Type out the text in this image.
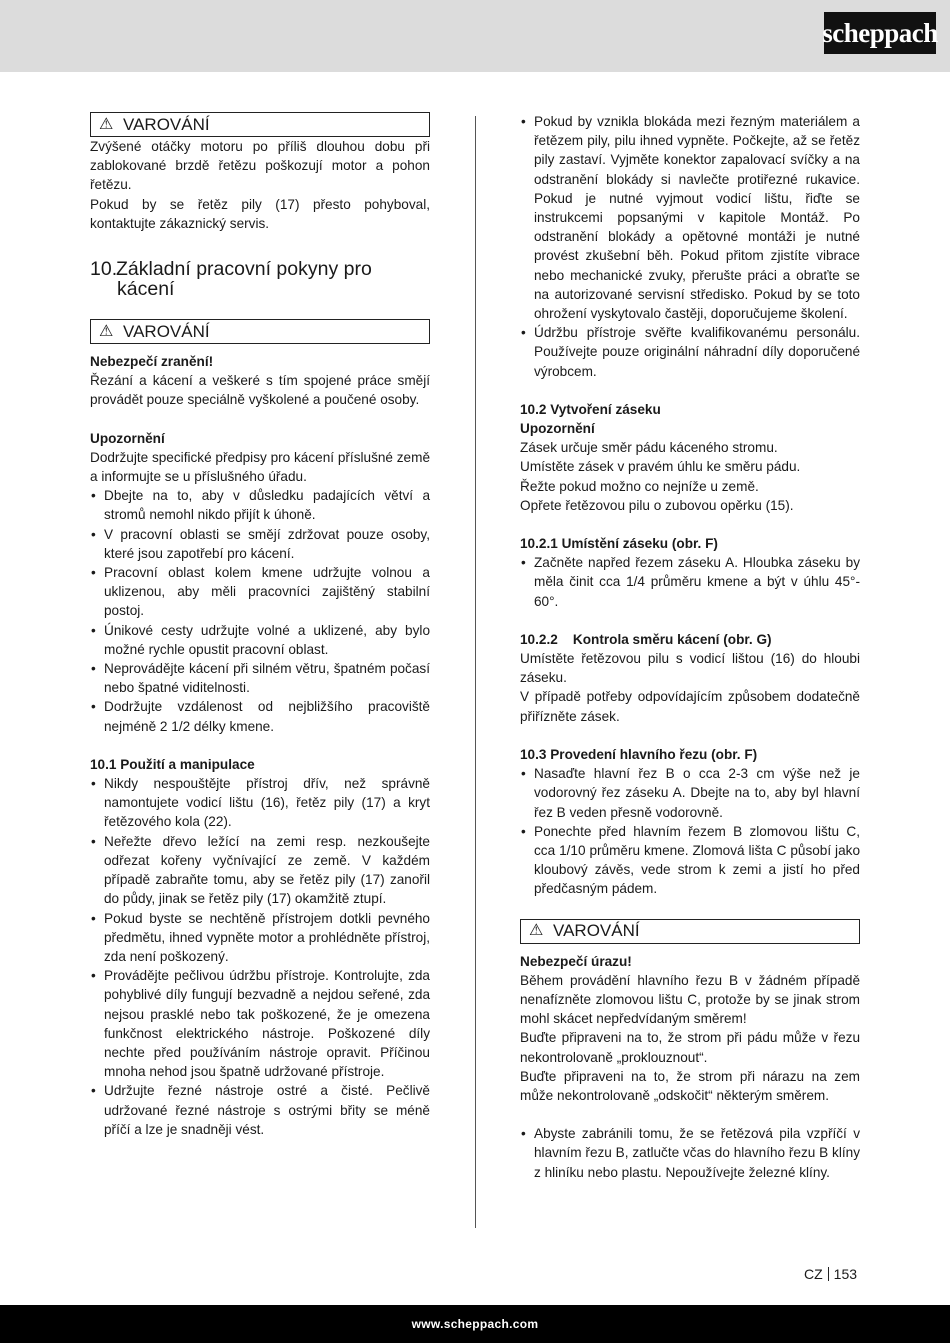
scheppach
⚠ VAROVÁNÍ

Zvýšené otáčky motoru po příliš dlouhou dobu při zablokované brzdě řetězu poškozují motor a pohon řetězu.

Pokud by se řetěz pily (17) přesto pohyboval, kontaktujte zákaznický servis.

10.Základní pracovní pokyny pro
kácení
⚠ VAROVÁNÍ

Nebezpečí zranění!

Řezání a kácení a veškeré s tím spojené práce smějí provádět pouze speciálně vyškolené a poučené osoby.

Upozornění

Dodržujte specifické předpisy pro kácení příslušné země a informujte se u příslušného úřadu.

• Dbejte na to, aby v důsledku padajících větví a stromů nemohl nikdo přijít k úhoně.
• V pracovní oblasti se smějí zdržovat pouze osoby, které jsou zapotřebí pro kácení.
• Pracovní oblast kolem kmene udržujte volnou a uklizenou, aby měli pracovníci zajištěný stabilní postoj.
• Únikové cesty udržujte volné a uklizené, aby bylo možné rychle opustit pracovní oblast.
• Neprovádějte kácení při silném větru, špatném počasí nebo špatné viditelnosti.
• Dodržujte vzdálenost od nejbližšího pracoviště nejméně 2 1/2 délky kmene.

10.1 Použití a manipulace

• Nikdy nespouštějte přístroj dřív, než správně namontujete vodicí lištu (16), řetěz pily (17) a kryt řetězového kola (22).
• Neřežte dřevo ležící na zemi resp. nezkoušejte odřezat kořeny vyčnívající ze země. V každém případě zabraňte tomu, aby se řetěz pily (17) zanořil do půdy, jinak se řetěz pily (17) okamžitě ztupí.
• Pokud byste se nechtěně přístrojem dotkli pevného předmětu, ihned vypněte motor a prohlédněte přístroj, zda není poškozený.
• Provádějte pečlivou údržbu přístroje. Kontrolujte, zda pohyblivé díly fungují bezvadně a nejdou seřené, zda nejsou prasklé nebo tak poškozené, že je omezena funkčnost elektrického nástroje. Poškozené díly nechte před používáním nástroje opravit. Příčinou mnoha nehod jsou špatně udržované přístroje.
• Udržujte řezné nástroje ostré a čisté. Pečlivě udržované řezné nástroje s ostrými břity se méně příčí a lze je snadněji vést.
• Pokud by vznikla blokáda mezi řezným materiálem a řetězem pily, pilu ihned vypněte. Počkejte, až se řetěz pily zastaví. Vyjměte konektor zapalovací svíčky a na odstranění blokády si navlečte protiřezné rukavice. Pokud je nutné vyjmout vodicí lištu, řiďte se instrukcemi popsanými v kapitole Montáž. Po odstranění blokády a opětovné montáži je nutné provést zkušební běh. Pokud přitom zjistíte vibrace nebo mechanické zvuky, přerušte práci a obraťte se na autorizované servisní středisko. Pokud by se toto ohrožení vyskytovalo častěji, doporučujeme školení.
• Údržbu přístroje svěřte kvalifikovanému personálu. Používejte pouze originální náhradní díly doporučené výrobcem.

10.2 Vytvoření záseku

Upozornění

Zásek určuje směr pádu káceného stromu.

Umístěte zásek v pravém úhlu ke směru pádu.

Řežte pokud možno co nejníže u země.

Opřete řetězovou pilu o zubovou opěrku (15).

10.2.1 Umístění záseku (obr. F)

• Začněte napřed řezem záseku A. Hloubka záseku by měla činit cca 1/4 průměru kmene a být v úhlu 45°- 60°.

10.2.2    Kontrola směru kácení (obr. G)

Umístěte řetězovou pilu s vodicí lištou (16) do hloubi záseku.

V případě potřeby odpovídajícím způsobem dodatečně přiřízněte zásek.

10.3 Provedení hlavního řezu (obr. F)

• Nasaďte hlavní řez B o cca 2-3 cm výše než je vodorovný řez záseku A. Dbejte na to, aby byl hlavní řez B veden přesně vodorovně.
• Ponechte před hlavním řezem B zlomovou lištu C, cca 1/10 průměru kmene. Zlomová lišta C působí jako kloubový závěs, vede strom k zemi a jistí ho před předčasným pádem.
⚠ VAROVÁNÍ

Nebezpečí úrazu!

Během provádění hlavního řezu B v žádném případě nenafízněte zlomovou lištu C, protože by se jinak strom mohl skácet nepředvídaným směrem!

Buďte připraveni na to, že strom při pádu může v řezu nekontrolovaně „proklouznout“.

Buďte připraveni na to, že strom při nárazu na zem může nekontrolovaně „odskočit“ některým směrem.

• Abyste zabránili tomu, že se řetězová pila vzpříčí v hlavním řezu B, zatlučte včas do hlavního řezu B klíny z hliníku nebo plastu. Nepoužívejte železné klíny.
CZ 153
www.scheppach.com
